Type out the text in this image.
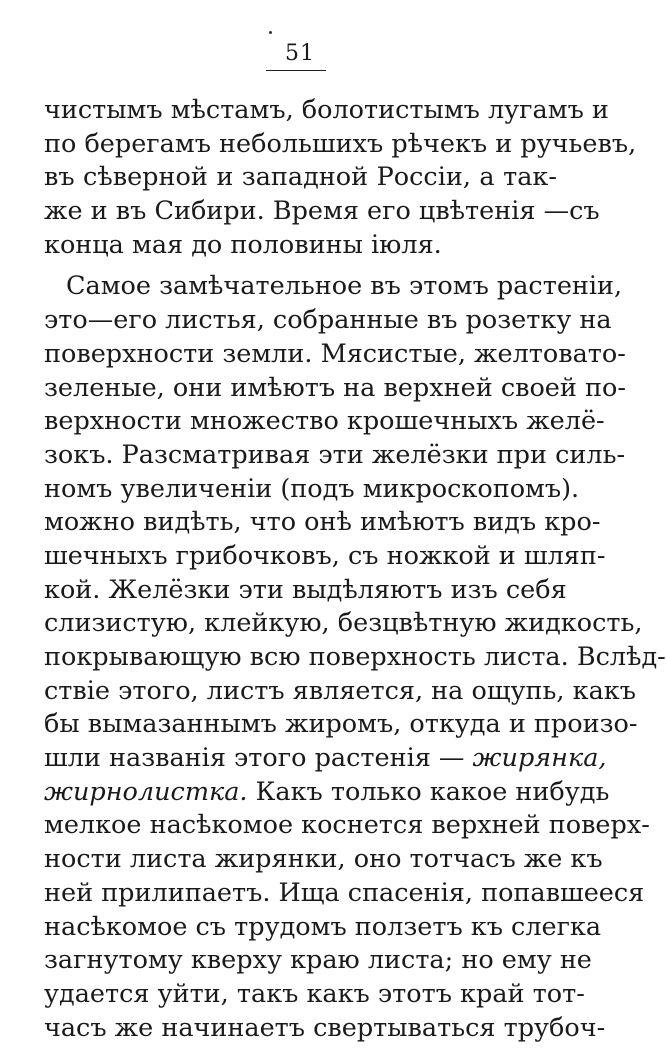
51
чистымъ мѣстамъ, болотистымъ лугамъ и
по берегамъ небольшихъ рѣчекъ и ручьевъ,
въ сѣверной и западной Россiи, а так-
же и въ Сибири. Время его цвѣтенiя —съ
конца мая до половины iюля.
Самое замѣчательное въ этомъ растенiи,
это—его листья, собранные въ розетку на
поверхности земли. Мясистые, желтовато-
зеленые, они имѣютъ на верхней своей по-
верхности множество крошечныхъ желё-
зокъ. Разсматривая эти желёзки при силь-
номъ увеличенiи (подъ микроскопомъ).
можно видѣть, что онѣ имѣютъ видъ кро-
шечныхъ грибочковъ, съ ножкой и шляп-
кой. Желёзки эти выдѣляютъ изъ себя
слизистую, клейкую, безцвѣтную жидкость,
покрывающую всю поверхность листа. Вслѣд-
ствiе этого, листъ является, на ощупь, какъ
бы вымазаннымъ жиромъ, откуда и произо-
шли названiя этого растенiя — жирянка,
жирнолистка. Какъ только какое нибудь
мелкое насѣкомое коснется верхней поверх-
ности листа жирянки, оно тотчасъ же къ
ней прилипаетъ. Ища спасенiя, попавшееся
насѣкомое съ трудомъ ползетъ къ слегка
загнутому кверху краю листа; но ему не
удается уйти, такъ какъ этотъ край тот-
часъ же начинаетъ свертываться трубоч-
